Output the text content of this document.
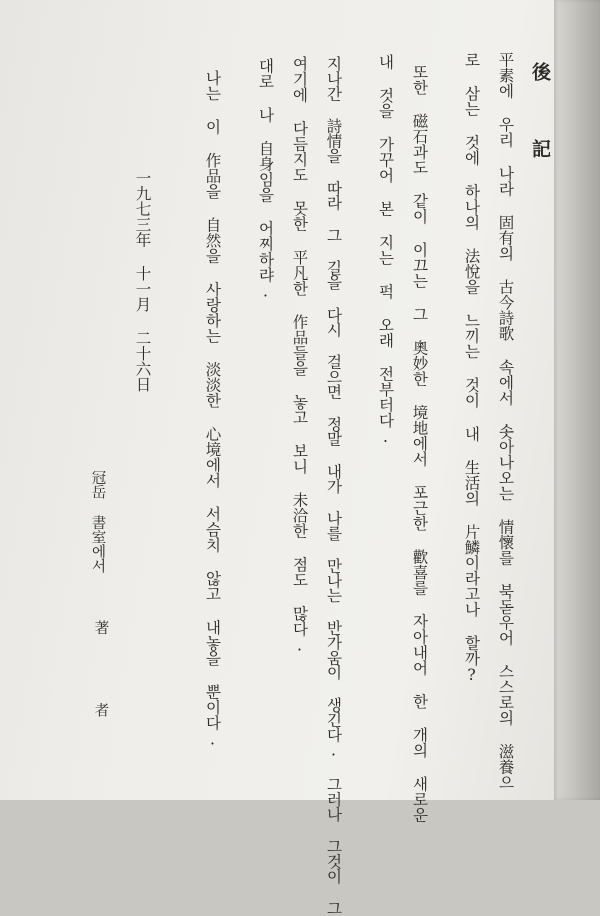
後 記
平素에 우리 나라 固有의 古今詩歌 속에서 솟아나오는 情懷를 북돋우어 스스로의 滋養으
로 삼는 것에 하나의 法悅을 느끼는 것이 내 生活의 片鱗이라고나 할까?
또한 磁石과도 같이 이끄는 그 奧妙한 境地에서 포근한 歡喜를 자아내어 한 개의 새로운
내 것을 가꾸어 본 지는 퍽 오래 전부터다.
지나간 詩情을 따라 그 길을 다시 걸으면 정말 내가 나를 만나는 반가움이 생긴다. 그러나 그것이 그
여기에 다듬지도 못한 平凡한 作品들을 놓고 보니 未洽한 점도 많다.
대로 나 自身임을 어찌하랴.
나는 이 作品을 自然을 사랑하는 淡淡한 心境에서 서슴치 않고 내놓을 뿐이다.
一九七三年 十一月 二十六日
冠岳 書室에서
著 者
